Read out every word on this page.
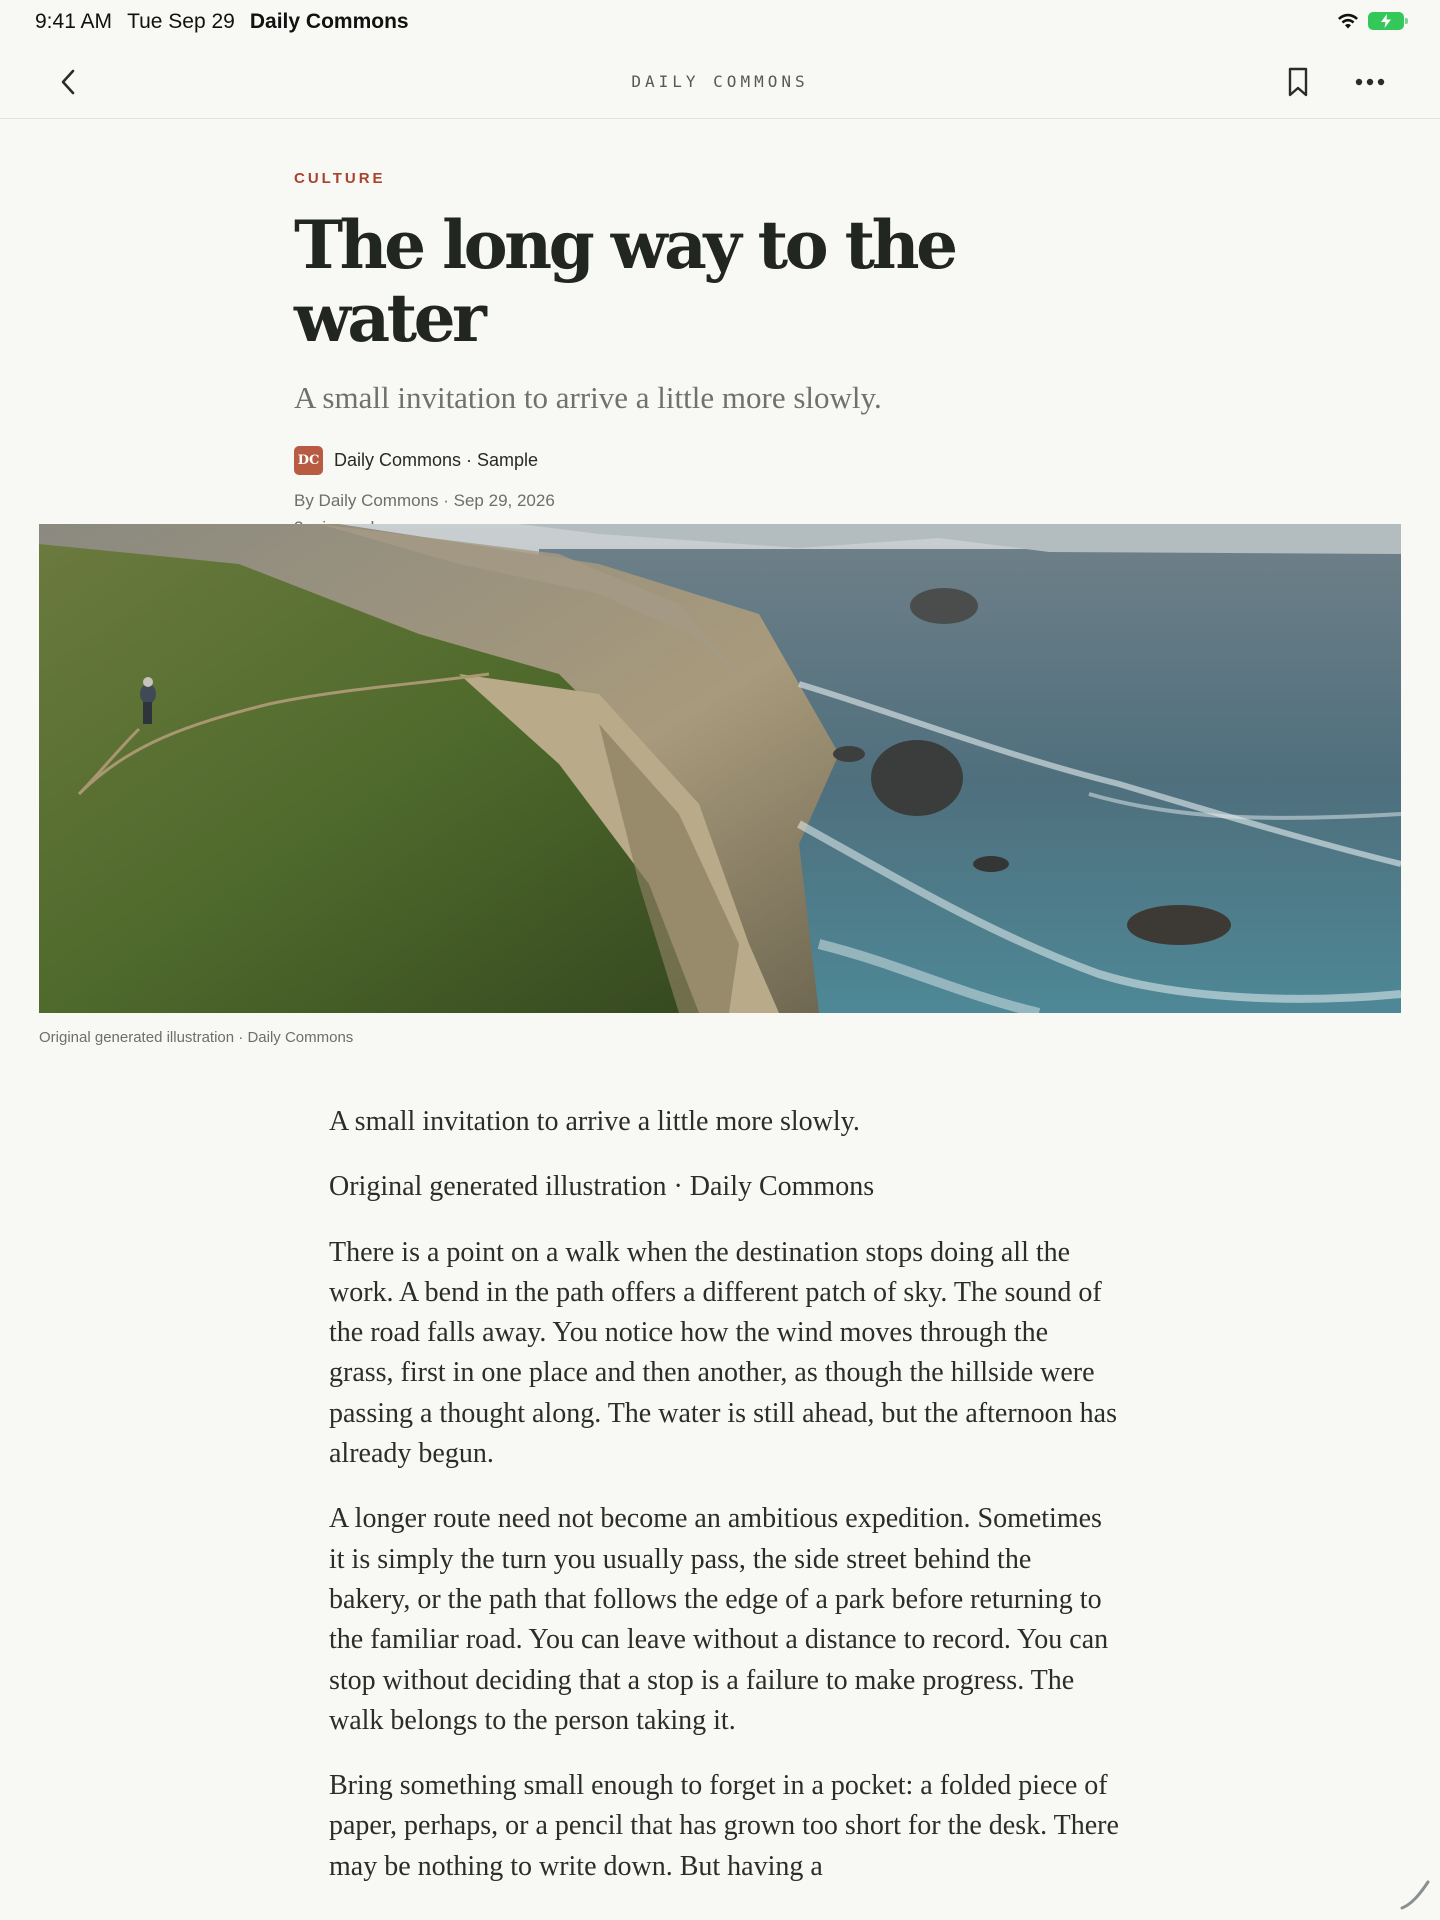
9:41 AM Tue Sep 29 Daily Commons
DAILY COMMONS
CULTURE
The long way to the water
A small invitation to arrive a little more slowly.
DC Daily Commons · Sample
By Daily Commons · Sep 29, 2026
Original generated illustration · Daily Commons

A small invitation to arrive a little more slowly.

Original generated illustration · Daily Commons

There is a point on a walk when the destination stops doing all the work. A bend in the path offers a different patch of sky. The sound of the road falls away. You notice how the wind moves through the grass, first in one place and then another, as though the hillside were passing a thought along. The water is still ahead, but the afternoon has already begun.

A longer route need not become an ambitious expedition. Sometimes it is simply the turn you usually pass, the side street behind the bakery, or the path that follows the edge of a park before returning to the familiar road. You can leave without a distance to record. You can stop without deciding that a stop is a failure to make progress. The walk belongs to the person taking it.

Bring something small enough to forget in a pocket: a folded piece of paper, perhaps, or a pencil that has grown too short for the desk. There may be nothing to write down. But having a
